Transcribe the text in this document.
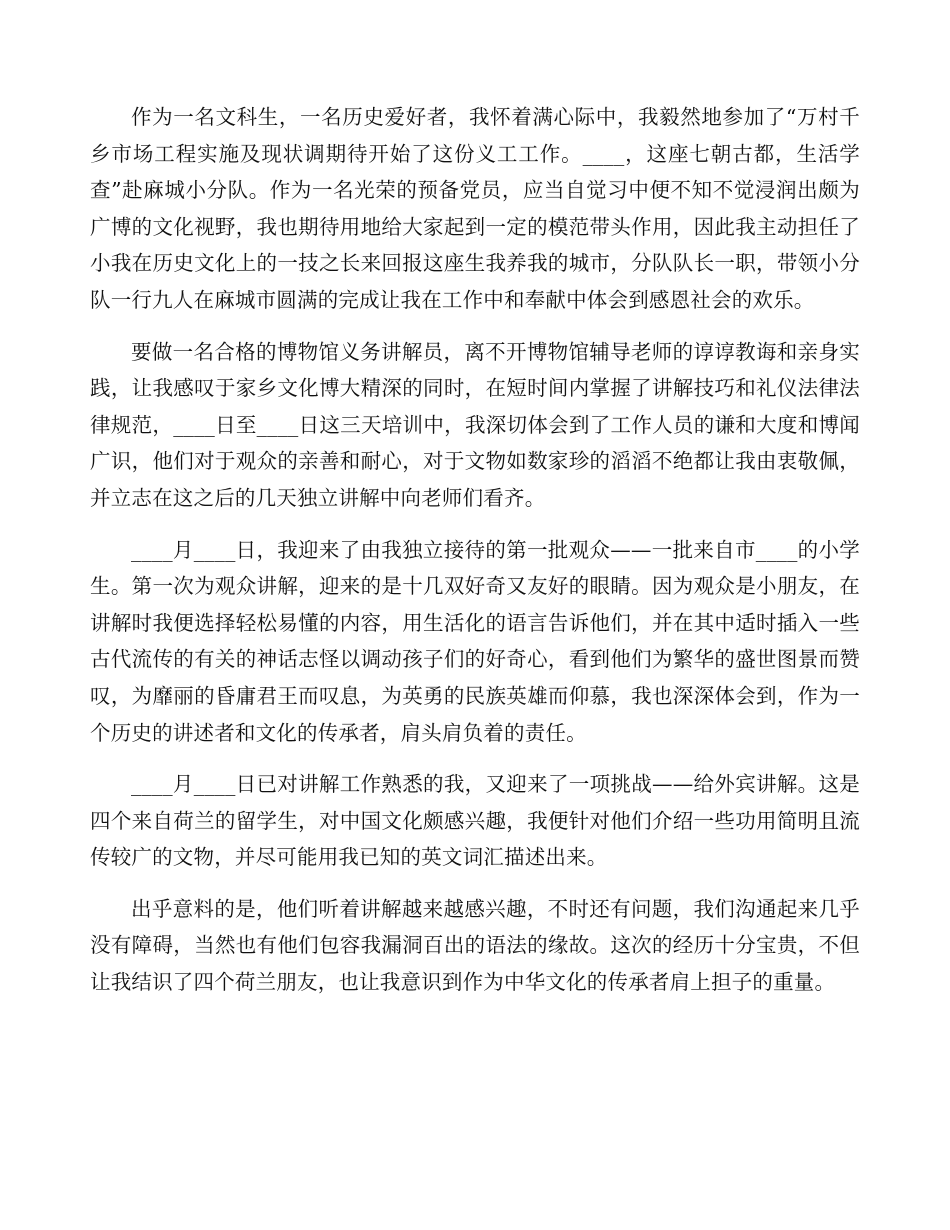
作为一名文科生，一名历史爱好者，我怀着满心际中，我毅然地参加了“万村千乡市场工程实施及现状调期待开始了这份义工工作。____，这座七朝古都，生活学查”赴麻城小分队。作为一名光荣的预备党员，应当自觉习中便不知不觉浸润出颇为广博的文化视野，我也期待用地给大家起到一定的模范带头作用，因此我主动担任了小我在历史文化上的一技之长来回报这座生我养我的城市，分队队长一职，带领小分队一行九人在麻城市圆满的完成让我在工作中和奉献中体会到感恩社会的欢乐。

要做一名合格的博物馆义务讲解员，离不开博物馆辅导老师的谆谆教诲和亲身实践，让我感叹于家乡文化博大精深的同时，在短时间内掌握了讲解技巧和礼仪法律法律规范，____日至____日这三天培训中，我深切体会到了工作人员的谦和大度和博闻广识，他们对于观众的亲善和耐心，对于文物如数家珍的滔滔不绝都让我由衷敬佩，并立志在这之后的几天独立讲解中向老师们看齐。

____月____日，我迎来了由我独立接待的第一批观众——一批来自市____的小学生。第一次为观众讲解，迎来的是十几双好奇又友好的眼睛。因为观众是小朋友，在讲解时我便选择轻松易懂的内容，用生活化的语言告诉他们，并在其中适时插入一些古代流传的有关的神话志怪以调动孩子们的好奇心，看到他们为繁华的盛世图景而赞叹，为靡丽的昏庸君王而叹息，为英勇的民族英雄而仰慕，我也深深体会到，作为一个历史的讲述者和文化的传承者，肩头肩负着的责任。

____月____日已对讲解工作熟悉的我，又迎来了一项挑战——给外宾讲解。这是四个来自荷兰的留学生，对中国文化颇感兴趣，我便针对他们介绍一些功用简明且流传较广的文物，并尽可能用我已知的英文词汇描述出来。

出乎意料的是，他们听着讲解越来越感兴趣，不时还有问题，我们沟通起来几乎没有障碍，当然也有他们包容我漏洞百出的语法的缘故。这次的经历十分宝贵，不但让我结识了四个荷兰朋友，也让我意识到作为中华文化的传承者肩上担子的重量。
